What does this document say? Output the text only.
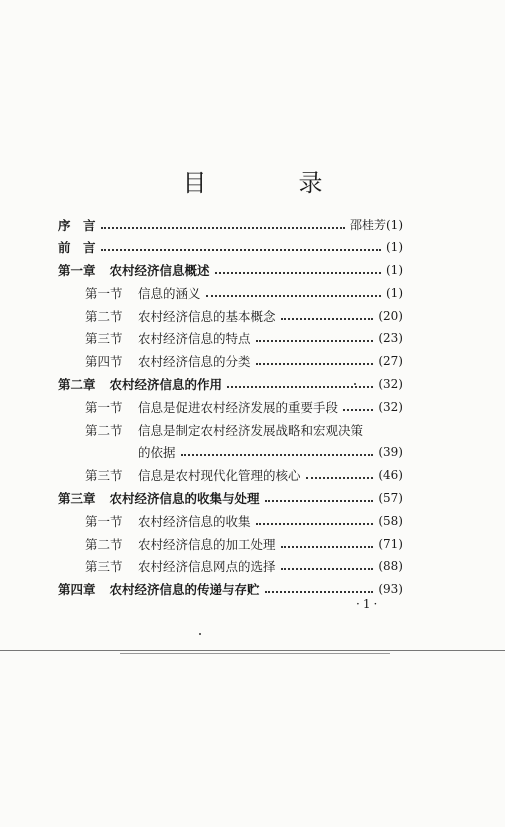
目　录
序　言	邵桂芳 (1)
前　言	(1)
第一章 农村经济信息概述	(1)
第一节	信息的涵义	(1)
第二节	农村经济信息的基本概念	(20)
第三节	农村经济信息的特点	(23)
第四节	农村经济信息的分类	(27)
第二章 农村经济信息的作用	(32)
第一节	信息是促进农村经济发展的重要手段	(32)
第二节	信息是制定农村经济发展战略和宏观决策
的依据	(39)
第三节	信息是农村现代化管理的核心	(46)
第三章 农村经济信息的收集与处理	(57)
第一节	农村经济信息的收集	(58)
第二节	农村经济信息的加工处理	(71)
第三节	农村经济信息网点的选择	(88)
第四章 农村经济信息的传递与存贮	(93)
·1·
